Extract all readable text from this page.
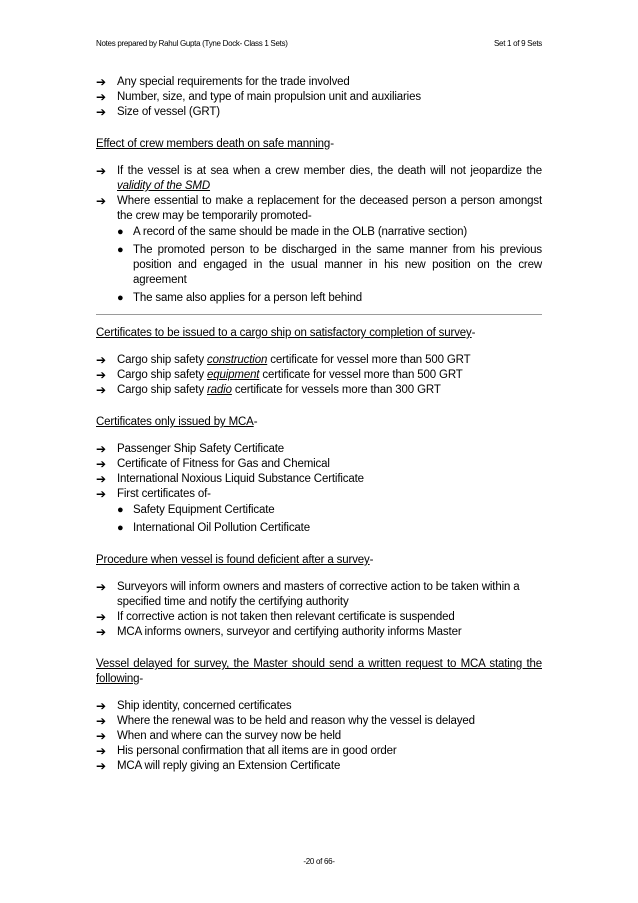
Notes prepared by Rahul Gupta (Tyne Dock- Class 1 Sets)	Set 1 of 9 Sets
➔ Any special requirements for the trade involved
➔ Number, size, and type of main propulsion unit and auxiliaries
➔ Size of vessel (GRT)
Effect of crew members death on safe manning-
➔ If the vessel is at sea when a crew member dies, the death will not jeopardize the validity of the SMD
➔ Where essential to make a replacement for the deceased person a person amongst the crew may be temporarily promoted-
● A record of the same should be made in the OLB (narrative section)
● The promoted person to be discharged in the same manner from his previous position and engaged in the usual manner in his new position on the crew agreement
● The same also applies for a person left behind
Certificates to be issued to a cargo ship on satisfactory completion of survey-
➔ Cargo ship safety construction certificate for vessel more than 500 GRT
➔ Cargo ship safety equipment certificate for vessel more than 500 GRT
➔ Cargo ship safety radio certificate for vessels more than 300 GRT
Certificates only issued by MCA-
➔ Passenger Ship Safety Certificate
➔ Certificate of Fitness for Gas and Chemical
➔ International Noxious Liquid Substance Certificate
➔ First certificates of-
● Safety Equipment Certificate
● International Oil Pollution Certificate
Procedure when vessel is found deficient after a survey-
➔ Surveyors will inform owners and masters of corrective action to be taken within a specified time and notify the certifying authority
➔ If corrective action is not taken then relevant certificate is suspended
➔ MCA informs owners, surveyor and certifying authority informs Master
Vessel delayed for survey, the Master should send a written request to MCA stating the following-
➔ Ship identity, concerned certificates
➔ Where the renewal was to be held and reason why the vessel is delayed
➔ When and where can the survey now be held
➔ His personal confirmation that all items are in good order
➔ MCA will reply giving an Extension Certificate
-20 of 66-
